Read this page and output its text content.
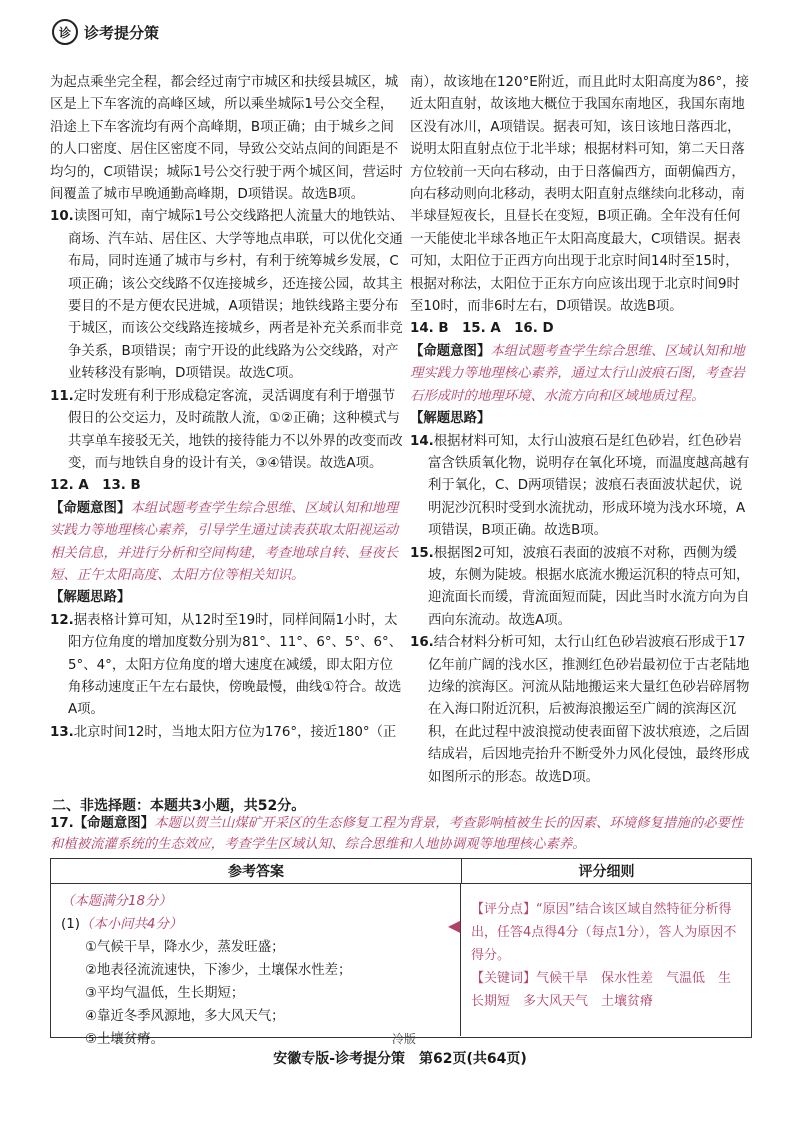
诊 诊考提分策

为起点乘坐完全程，都会经过南宁市城区和扶绥县城区，城区是上下车客流的高峰区域，所以乘坐城际1号公交全程，沿途上下车客流均有两个高峰期，B项正确；由于城乡之间的人口密度、居住区密度不同，导致公交站点间的间距是不均匀的，C项错误；城际1号公交行驶于两个城区间，营运时间覆盖了城市早晚通勤高峰期，D项错误。故选B项。

10.读图可知，南宁城际1号公交线路把人流量大的地铁站、商场、汽车站、居住区、大学等地点串联，可以优化交通布局，同时连通了城市与乡村，有利于统筹城乡发展，C项正确；该公交线路不仅连接城乡，还连接公园，故其主要目的不是方便农民进城，A项错误；地铁线路主要分布于城区，而该公交线路连接城乡，两者是补充关系而非竞争关系，B项错误；南宁开设的此线路为公交线路，对产业转移没有影响，D项错误。故选C项。

11.定时发班有利于形成稳定客流，灵活调度有利于增强节假日的公交运力，及时疏散人流，①②正确；这种模式与共享单车接驳无关，地铁的接待能力不以外界的改变而改变，而与地铁自身的设计有关，③④错误。故选A项。

12. A　13. B

【命题意图】本组试题考查学生综合思维、区域认知和地理实践力等地理核心素养，引导学生通过读表获取太阳视运动相关信息，并进行分析和空间构建，考查地球自转、昼夜长短、正午太阳高度、太阳方位等相关知识。

【解题思路】

12.据表格计算可知，从12时至19时，同样间隔1小时，太阳方位角度的增加度数分别为81°、11°、6°、5°、6°、5°、4°，太阳方位角度的增大速度在减缓，即太阳方位角移动速度正午左右最快，傍晚最慢，曲线①符合。故选A项。

13.北京时间12时，当地太阳方位为176°，接近180°（正

南），故该地在120°E附近，而且此时太阳高度为86°，接近太阳直射，故该地大概位于我国东南地区，我国东南地区没有冰川，A项错误。据表可知，该日该地日落西北，说明太阳直射点位于北半球；根据材料可知，第二天日落方位较前一天向右移动，由于日落偏西方，面朝偏西方，向右移动则向北移动，表明太阳直射点继续向北移动，南半球昼短夜长，且昼长在变短，B项正确。全年没有任何一天能使北半球各地正午太阳高度最大，C项错误。据表可知，太阳位于正西方向出现于北京时间14时至15时，根据对称法，太阳位于正东方向应该出现于北京时间9时至10时，而非6时左右，D项错误。故选B项。

14. B　15. A　16. D

【命题意图】本组试题考查学生综合思维、区域认知和地理实践力等地理核心素养，通过太行山波痕石图，考查岩石形成时的地理环境、水流方向和区域地质过程。

【解题思路】

14.根据材料可知，太行山波痕石是红色砂岩，红色砂岩富含铁质氧化物，说明存在氧化环境，而温度越高越有利于氧化，C、D两项错误；波痕石表面波状起伏，说明泥沙沉积时受到水流扰动，形成环境为浅水环境，A项错误，B项正确。故选B项。

15.根据图2可知，波痕石表面的波痕不对称，西侧为缓坡，东侧为陡坡。根据水底流水搬运沉积的特点可知，迎流面长而缓，背流面短而陡，因此当时水流方向为自西向东流动。故选A项。

16.结合材料分析可知，太行山红色砂岩波痕石形成于17亿年前广阔的浅水区，推测红色砂岩最初位于古老陆地边缘的滨海区。河流从陆地搬运来大量红色砂岩碎屑物在入海口附近沉积，后被海浪搬运至广阔的滨海区沉积，在此过程中波浪搅动使表面留下波状痕迹，之后固结成岩，后因地壳抬升不断受外力风化侵蚀，最终形成如图所示的形态。故选D项。

二、非选择题：本题共3小题，共52分。
17.【命题意图】本题以贺兰山煤矿开采区的生态修复工程为背景，考查影响植被生长的因素、环境修复措施的必要性和植被流灌系统的生态效应，考查学生区域认知、综合思维和人地协调观等地理核心素养。
参考答案	评分细则
（本题满分18分）
(1)（本小问共4分）
①气候干旱，降水少，蒸发旺盛；
②地表径流流速快，下渗少，土壤保水性差；
③平均气温低，生长期短；
④靠近冬季风源地，多大风天气；
⑤土壤贫瘠。
【评分点】“原因”结合该区域自然特征分析得出，任答4点得4分（每点1分），答人为原因不得分。
【关键词】气候干旱　保水性差　气温低　生长期短　多大风天气　土壤贫瘠
◀
冷版
安徽专版-诊考提分策　第62页(共64页)
